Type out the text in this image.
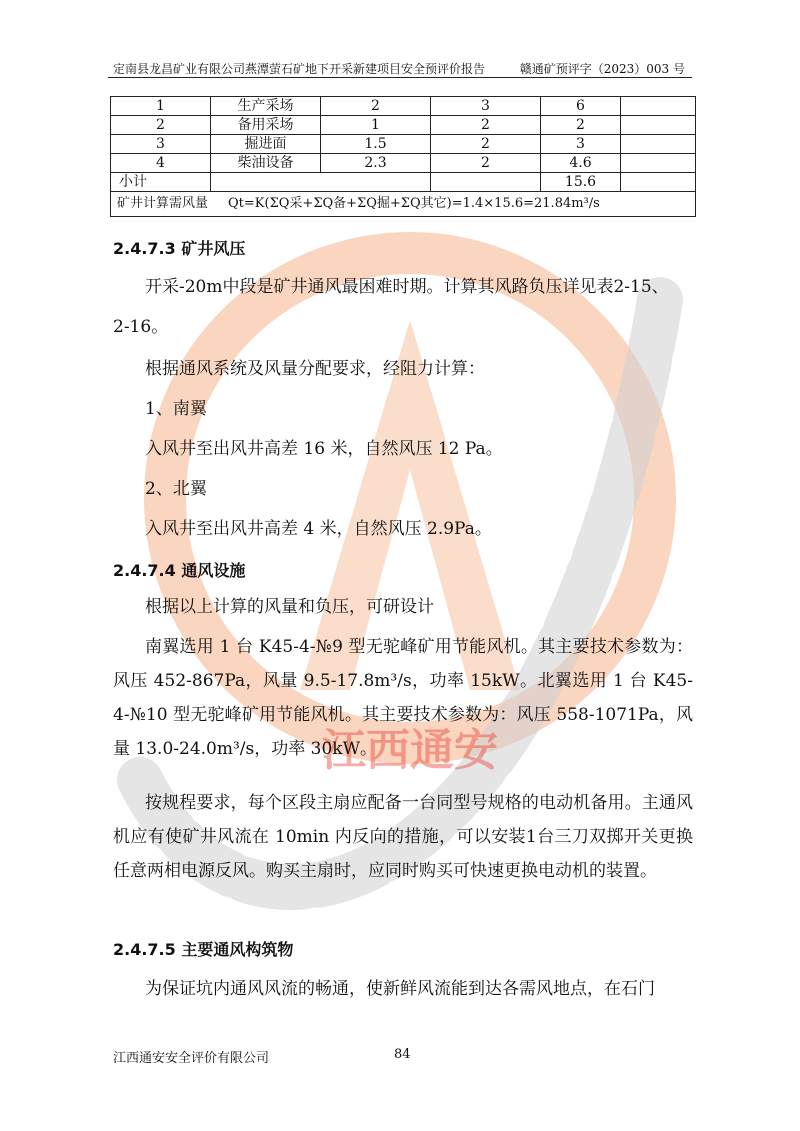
江西通安
定南县龙昌矿业有限公司燕潭萤石矿地下开采新建项目安全预评价报告	赣通矿预评字（2023）003 号
1	生产采场	2	3	6	
2	备用采场	1	2	2	
3	掘进面	1.5	2	3	
4	柴油设备	2.3	2	4.6	
小计				15.6	
矿井计算需风量 Qt=K(ΣQ采+ΣQ备+ΣQ掘+ΣQ其它)=1.4×15.6=21.84m³/s					
2.4.7.3 矿井风压
开采-20m中段是矿井通风最困难时期。计算其风路负压详见表2-15、
2-16。
根据通风系统及风量分配要求，经阻力计算：
1、南翼
入风井至出风井高差 16 米，自然风压 12 Pa。
2、北翼
入风井至出风井高差 4 米，自然风压 2.9Pa。
2.4.7.4 通风设施
根据以上计算的风量和负压，可研设计
南翼选用 1 台 K45-4-№9 型无驼峰矿用节能风机。其主要技术参数为：风压 452-867Pa，风量 9.5-17.8m³/s，功率 15kW。北翼选用 1 台 K45-4-№10 型无驼峰矿用节能风机。其主要技术参数为：风压 558-1071Pa，风量 13.0-24.0m³/s，功率 30kW。
按规程要求，每个区段主扇应配备一台同型号规格的电动机备用。主通风机应有使矿井风流在 10min 内反向的措施，可以安装1台三刀双掷开关更换任意两相电源反风。购买主扇时，应同时购买可快速更换电动机的装置。
2.4.7.5 主要通风构筑物
为保证坑内通风风流的畅通，使新鲜风流能到达各需风地点，在石门
江西通安安全评价有限公司	84
